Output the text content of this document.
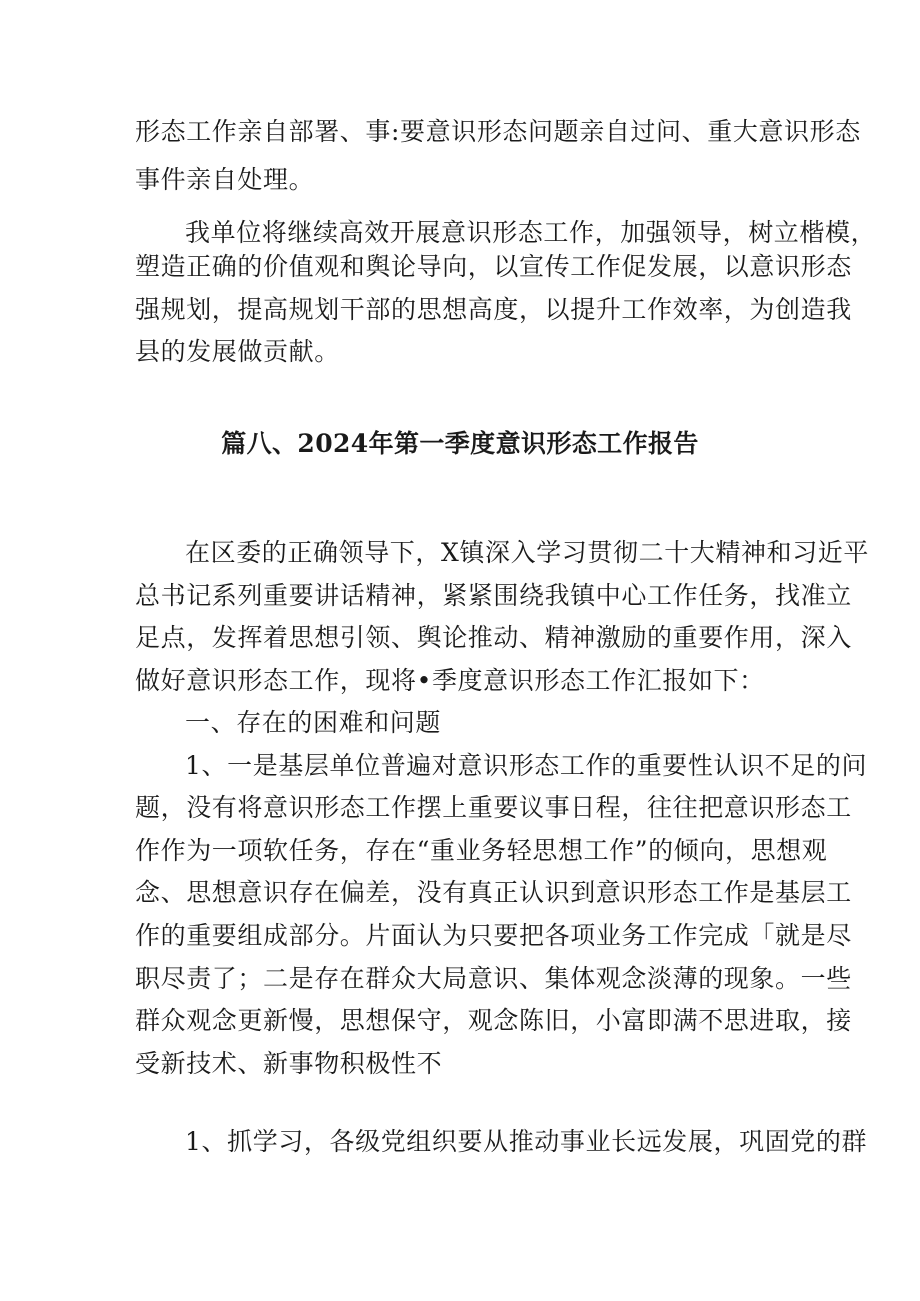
形态工作亲自部署、事:要意识形态问题亲自过问、重大意识形态
事件亲自处理。
我单位将继续高效开展意识形态工作，加强领导，树立楷模，
塑造正确的价值观和舆论导向，以宣传工作促发展，以意识形态
强规划，提高规划干部的思想高度，以提升工作效率，为创造我
县的发展做贡献。
篇八、2024年第一季度意识形态工作报告
在区委的正确领导下，X镇深入学习贯彻二十大精神和习近平
总书记系列重要讲话精神，紧紧围绕我镇中心工作任务，找准立
足点，发挥着思想引领、舆论推动、精神激励的重要作用，深入
做好意识形态工作，现将•季度意识形态工作汇报如下：
一、存在的困难和问题
1、一是基层单位普遍对意识形态工作的重要性认识不足的问
题，没有将意识形态工作摆上重要议事日程，往往把意识形态工
作作为一项软任务，存在“重业务轻思想工作”的倾向，思想观
念、思想意识存在偏差，没有真正认识到意识形态工作是基层工
作的重要组成部分。片面认为只要把各项业务工作完成「就是尽
职尽责了；二是存在群众大局意识、集体观念淡薄的现象。一些
群众观念更新慢，思想保守，观念陈旧，小富即满不思进取，接
受新技术、新事物积极性不
1、抓学习，各级党组织要从推动事业长远发展，巩固党的群
